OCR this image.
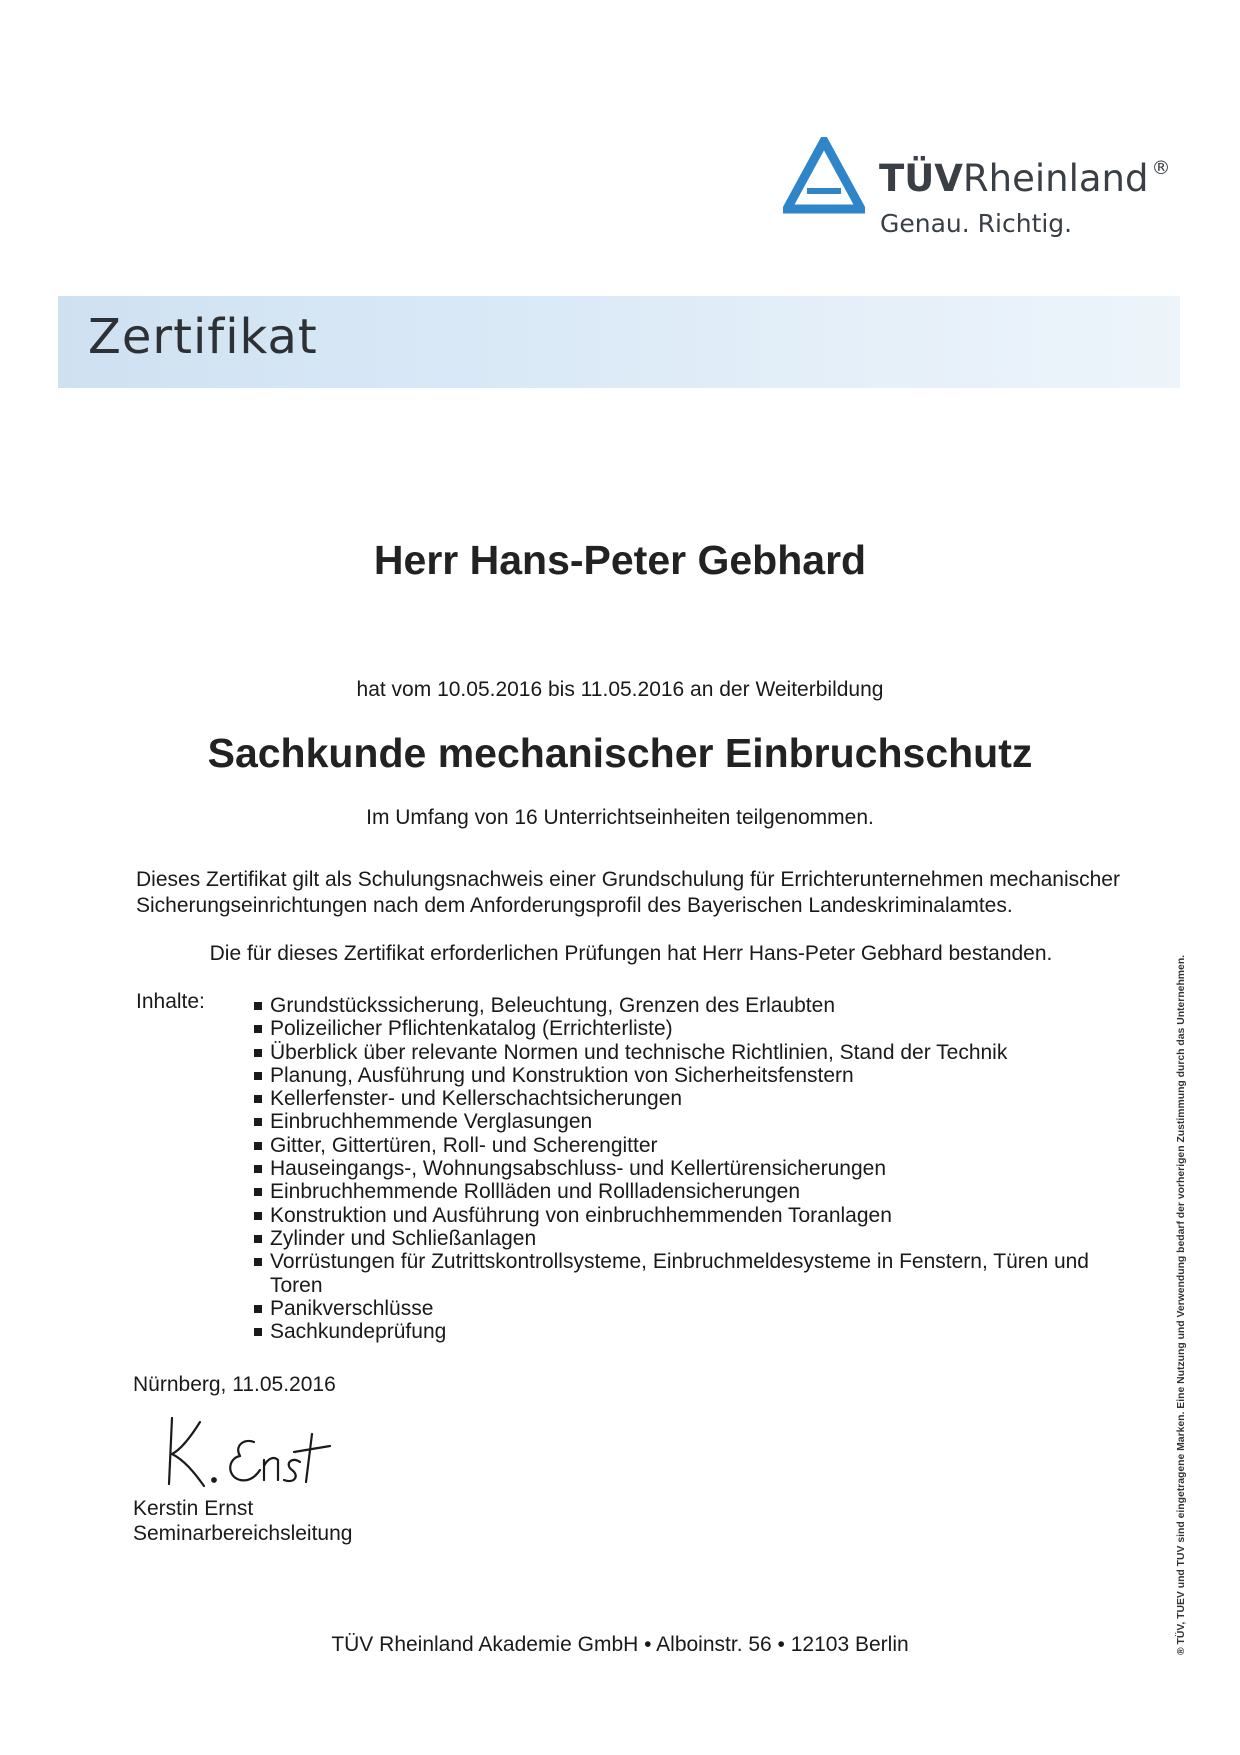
TÜVRheinland ®
Genau. Richtig.
Zertifikat
Herr Hans-Peter Gebhard
hat vom 10.05.2016 bis 11.05.2016 an der Weiterbildung
Sachkunde mechanischer Einbruchschutz
Im Umfang von 16 Unterrichtseinheiten teilgenommen.
Dieses Zertifikat gilt als Schulungsnachweis einer Grundschulung für Errichterunternehmen mechanischer Sicherungseinrichtungen nach dem Anforderungsprofil des Bayerischen Landeskriminalamtes.
Die für dieses Zertifikat erforderlichen Prüfungen hat Herr Hans-Peter Gebhard bestanden.
Inhalte:	Grundstückssicherung, Beleuchtung, Grenzen des Erlaubten
Polizeilicher Pflichtenkatalog (Errichterliste)
Überblick über relevante Normen und technische Richtlinien, Stand der Technik
Planung, Ausführung und Konstruktion von Sicherheitsfenstern
Kellerfenster- und Kellerschachtsicherungen
Einbruchhemmende Verglasungen
Gitter, Gittertüren, Roll- und Scherengitter
Hauseingangs-, Wohnungsabschluss- und Kellertürensicherungen
Einbruchhemmende Rollläden und Rollladensicherungen
Konstruktion und Ausführung von einbruchhemmenden Toranlagen
Zylinder und Schließanlagen
Vorrüstungen für Zutrittskontrollsysteme, Einbruchmeldesysteme in Fenstern, Türen und Toren
Panikverschlüsse
Sachkundeprüfung
Nürnberg, 11.05.2016
Kerstin Ernst
Seminarbereichsleitung
TÜV Rheinland Akademie GmbH • Alboinstr. 56 • 12103 Berlin	® TÜV, TUEV und TUV sind eingetragene Marken. Eine Nutzung und Verwendung bedarf der vorherigen Zustimmung durch das Unternehmen.
